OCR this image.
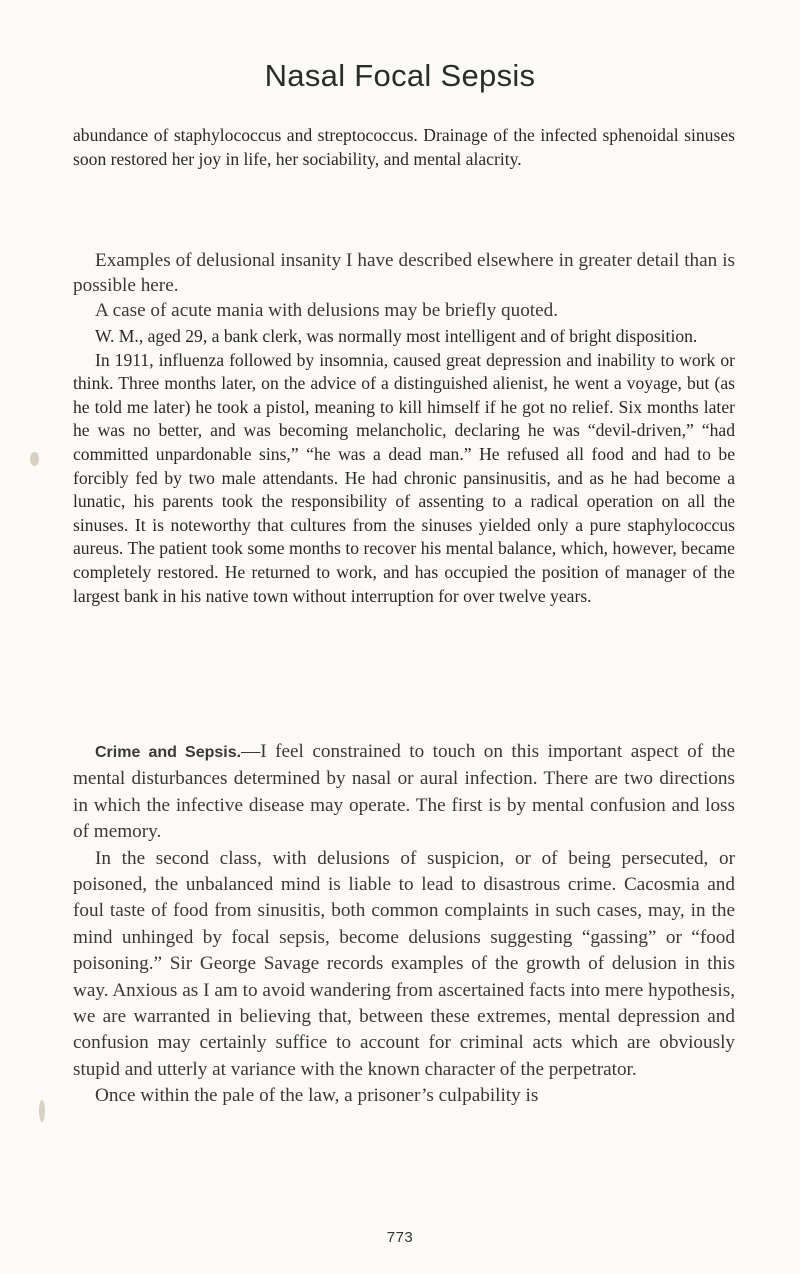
Nasal Focal Sepsis

abundance of staphylococcus and streptococcus. Drainage of the infected sphenoidal sinuses soon restored her joy in life, her sociability, and mental alacrity.

Examples of delusional insanity I have described elsewhere in greater detail than is possible here.

A case of acute mania with delusions may be briefly quoted.

W. M., aged 29, a bank clerk, was normally most intelligent and of bright disposition.

In 1911, influenza followed by insomnia, caused great depression and inability to work or think. Three months later, on the advice of a distinguished alienist, he went a voyage, but (as he told me later) he took a pistol, meaning to kill himself if he got no relief. Six months later he was no better, and was becoming melancholic, declaring he was “devil-driven,” “had committed unpardonable sins,” “he was a dead man.” He refused all food and had to be forcibly fed by two male attendants. He had chronic pansinusitis, and as he had become a lunatic, his parents took the responsibility of assenting to a radical operation on all the sinuses. It is noteworthy that cultures from the sinuses yielded only a pure staphylococcus aureus. The patient took some months to recover his mental balance, which, however, became completely restored. He returned to work, and has occupied the position of manager of the largest bank in his native town without interruption for over twelve years.

Crime and Sepsis.—I feel constrained to touch on this important aspect of the mental disturbances determined by nasal or aural infection. There are two directions in which the infective disease may operate. The first is by mental confusion and loss of memory.

In the second class, with delusions of suspicion, or of being persecuted, or poisoned, the unbalanced mind is liable to lead to disastrous crime. Cacosmia and foul taste of food from sinusitis, both common complaints in such cases, may, in the mind unhinged by focal sepsis, become delusions suggesting “gassing” or “food poisoning.” Sir George Savage records examples of the growth of delusion in this way. Anxious as I am to avoid wandering from ascertained facts into mere hypothesis, we are warranted in believing that, between these extremes, mental depression and confusion may certainly suffice to account for criminal acts which are obviously stupid and utterly at variance with the known character of the perpetrator.

Once within the pale of the law, a prisoner’s culpability is

773
